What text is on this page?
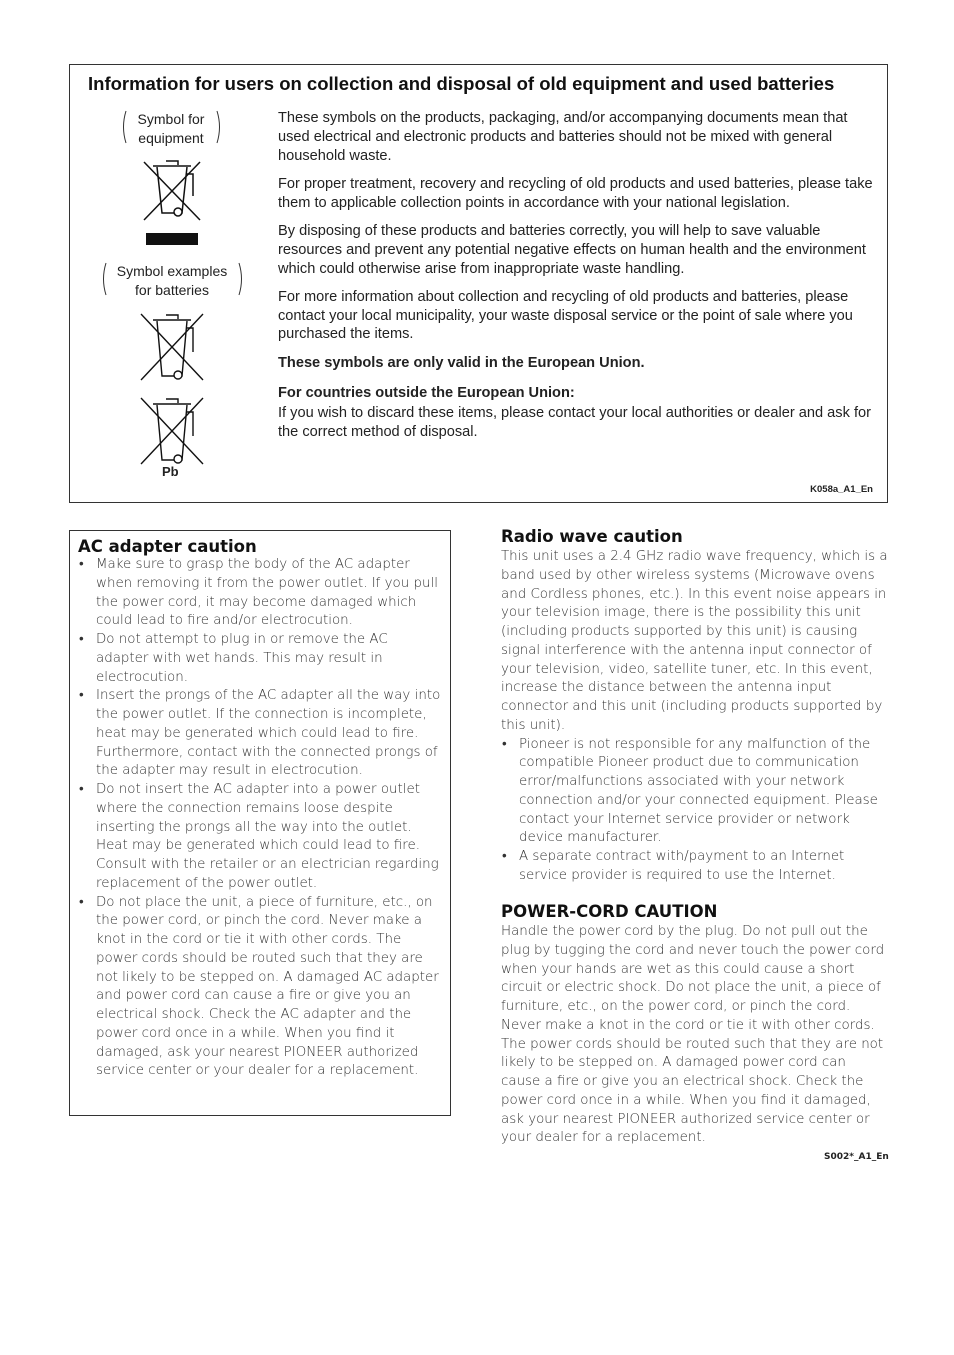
Information for users on collection and disposal of old equipment and used batteries
Symbol for
equipment
Symbol examples
for batteries
Pb

These symbols on the products, packaging, and/or accompanying documents mean that used electrical and electronic products and batteries should not be mixed with general household waste.

For proper treatment, recovery and recycling of old products and used batteries, please take them to applicable collection points in accordance with your national legislation.

By disposing of these products and batteries correctly, you will help to save valuable resources and prevent any potential negative effects on human health and the environment which could otherwise arise from inappropriate waste handling.

For more information about collection and recycling of old products and batteries, please contact your local municipality, your waste disposal service or the point of sale where you purchased the items.

These symbols are only valid in the European Union.

For countries outside the European Union:

If you wish to discard these items, please contact your local authorities or dealer and ask for the correct method of disposal.

K058a_A1_En
AC adapter caution
• Make sure to grasp the body of the AC adapter when removing it from the power outlet. If you pull the power cord, it may become damaged which could lead to fire and/or electrocution.
• Do not attempt to plug in or remove the AC adapter with wet hands. This may result in electrocution.
• Insert the prongs of the AC adapter all the way into the power outlet. If the connection is incomplete, heat may be generated which could lead to fire. Furthermore, contact with the connected prongs of the adapter may result in electrocution.
• Do not insert the AC adapter into a power outlet where the connection remains loose despite inserting the prongs all the way into the outlet. Heat may be generated which could lead to fire. Consult with the retailer or an electrician regarding replacement of the power outlet.
• Do not place the unit, a piece of furniture, etc., on the power cord, or pinch the cord. Never make a knot in the cord or tie it with other cords. The power cords should be routed such that they are not likely to be stepped on. A damaged AC adapter and power cord can cause a fire or give you an electrical shock. Check the AC adapter and the power cord once in a while. When you find it damaged, ask your nearest PIONEER authorized service center or your dealer for a replacement.
Radio wave caution
This unit uses a 2.4 GHz radio wave frequency, which is a band used by other wireless systems (Microwave ovens and Cordless phones, etc.). In this event noise appears in your television image, there is the possibility this unit (including products supported by this unit) is causing signal interference with the antenna input connector of your television, video, satellite tuner, etc. In this event, increase the distance between the antenna input connector and this unit (including products supported by this unit).
• Pioneer is not responsible for any malfunction of the compatible Pioneer product due to communication error/malfunctions associated with your network connection and/or your connected equipment. Please contact your Internet service provider or network device manufacturer.
• A separate contract with/payment to an Internet service provider is required to use the Internet.
POWER-CORD CAUTION
Handle the power cord by the plug. Do not pull out the plug by tugging the cord and never touch the power cord when your hands are wet as this could cause a short circuit or electric shock. Do not place the unit, a piece of furniture, etc., on the power cord, or pinch the cord. Never make a knot in the cord or tie it with other cords. The power cords should be routed such that they are not likely to be stepped on. A damaged power cord can cause a fire or give you an electrical shock. Check the power cord once in a while. When you find it damaged, ask your nearest PIONEER authorized service center or your dealer for a replacement.
S002*_A1_En
